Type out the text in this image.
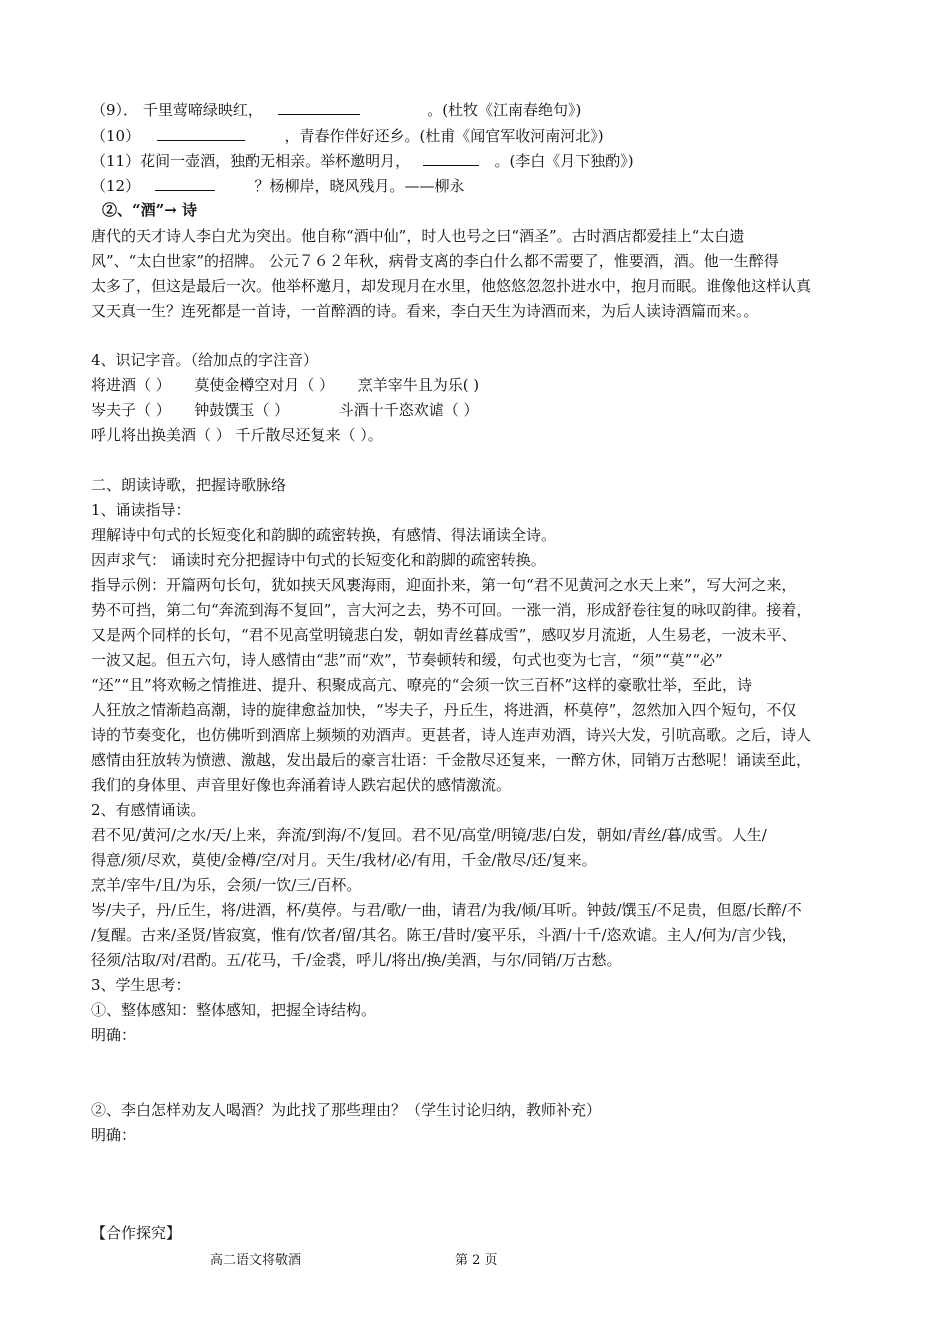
（9）． 千里莺啼绿映红，	。(杜牧《江南春绝句》)
（10）	，青春作伴好还乡。(杜甫《闻官军收河南河北》)
（11）花间一壶酒，独酌无相亲。举杯邀明月，	。(李白《月下独酌》)
（12）	？杨柳岸，晓风残月。——柳永
②、“酒”→ 诗
唐代的天才诗人李白尤为突出。他自称“酒中仙”，时人也号之曰“酒圣”。古时酒店都爱挂上“太白遗
风”、“太白世家”的招牌。 公元７６２年秋，病骨支离的李白什么都不需要了，惟要酒，酒。他一生醉得
太多了，但这是最后一次。他举杯邀月，却发现月在水里，他悠悠忽忽扑进水中，抱月而眠。谁像他这样认真
又天真一生？连死都是一首诗，一首醉酒的诗。看来，李白天生为诗酒而来，为后人读诗酒篇而来。。
4、识记字音。（给加点的字注音）
将进酒（ ） 莫使金樽空对月（ ） 烹羊宰牛且为乐( )
岑夫子（ ） 钟鼓馔玉（ ）	斗酒十千恣欢谑（ ）
呼儿将出换美酒（ ） 千斤散尽还复来（ ）。
二、朗读诗歌，把握诗歌脉络
1、诵读指导：
理解诗中句式的长短变化和韵脚的疏密转换，有感情、得法诵读全诗。
因声求气： 诵读时充分把握诗中句式的长短变化和韵脚的疏密转换。
指导示例：开篇两句长句，犹如挟天风裹海雨，迎面扑来，第一句“君不见黄河之水天上来”，写大河之来，
势不可挡，第二句“奔流到海不复回”，言大河之去，势不可回。一涨一消，形成舒卷往复的咏叹韵律。接着，
又是两个同样的长句，“君不见高堂明镜悲白发，朝如青丝暮成雪”，感叹岁月流逝，人生易老，一波未平、
一波又起。但五六句，诗人感情由“悲”而“欢”，节奏顿转和缓，句式也变为七言，“须”“莫”“必”
“还”“且”将欢畅之情推进、提升、积聚成高亢、嘹亮的“会须一饮三百杯”这样的豪歌壮举，至此，诗
人狂放之情渐趋高潮，诗的旋律愈益加快，“岑夫子，丹丘生，将进酒，杯莫停”，忽然加入四个短句，不仅
诗的节奏变化，也仿佛听到酒席上频频的劝酒声。更甚者，诗人连声劝酒，诗兴大发，引吭高歌。之后，诗人
感情由狂放转为愤懑、激越，发出最后的豪言壮语：千金散尽还复来，一醉方休，同销万古愁呢！诵读至此，
我们的身体里、声音里好像也奔涌着诗人跌宕起伏的感情激流。
2、有感情诵读。
君不见/黄河/之水/天/上来，奔流/到海/不/复回。君不见/高堂/明镜/悲/白发，朝如/青丝/暮/成雪。人生/
得意/须/尽欢，莫使/金樽/空/对月。天生/我材/必/有用，千金/散尽/还/复来。
烹羊/宰牛/且/为乐，会须/一饮/三/百杯。
岑/夫子，丹/丘生，将/进酒，杯/莫停。与君/歌/一曲，请君/为我/倾/耳听。钟鼓/馔玉/不足贵，但愿/长醉/不
/复醒。古来/圣贤/皆寂寞，惟有/饮者/留/其名。陈王/昔时/宴平乐，斗酒/十千/恣欢谑。主人/何为/言少钱，
径须/沽取/对/君酌。五/花马，千/金裘，呼儿/将出/换/美酒，与尔/同销/万古愁。
3、学生思考：
①、整体感知：整体感知，把握全诗结构。
明确：
②、李白怎样劝友人喝酒？为此找了那些理由？（学生讨论归纳，教师补充）
明确：
【合作探究】
高二语文将敬酒	第 2 页
